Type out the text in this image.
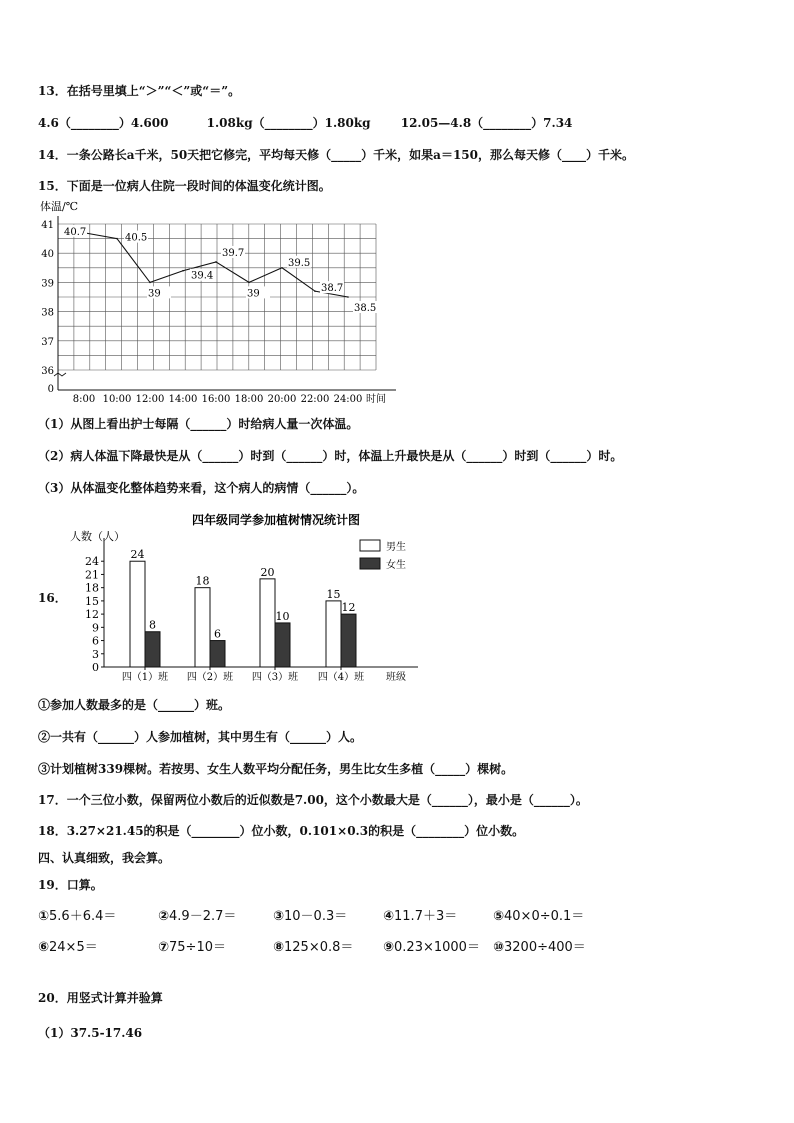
13．在括号里填上“＞”“＜”或“＝”。
4.6（________）4.600	1.08kg（________）1.80kg	12.05—4.8（________）7.34
14．一条公路长a千米，50天把它修完，平均每天修（_____）千米，如果a＝150，那么每天修（____）千米。
15．下面是一位病人住院一段时间的体温变化统计图。
体温/℃
41
40
39
38
37
36
0
8:00 10:00 12:00 14:00 16:00 18:00 20:00 22:00 24:00
40.7
40.5
39
39.4
39.7
39
39.5
38.7
38.5
时间
（1）从图上看出护士每隔（______）时给病人量一次体温。
（2）病人体温下降最快是从（______）时到（______）时，体温上升最快是从（______）时到（______）时。
（3）从体温变化整体趋势来看，这个病人的病情（______）。
16．
四年级同学参加植树情况统计图
人数（人）
0
3
6
9
12
15
18
21
24
四（1）班 四（2）班 四（3）班 四（4）班 班级
24
8
18
6
20
10
15
12
男生
女生
①参加人数最多的是（______）班。
②一共有（______）人参加植树，其中男生有（______）人。
③计划植树339棵树。若按男、女生人数平均分配任务，男生比女生多植（_____）棵树。
17．一个三位小数，保留两位小数后的近似数是7.00，这个小数最大是（______），最小是（______）。
18．3.27×21.45的积是（________）位小数，0.101×0.3的积是（________）位小数。
四、认真细致，我会算。
19．口算。
①5.6＋6.4＝	②4.9－2.7＝	③10－0.3＝	④11.7＋3＝	⑤40×0÷0.1＝
⑥24×5＝	⑦75÷10＝	⑧125×0.8＝ ⑨0.23×1000＝ ⑩3200÷400＝
20．用竖式计算并验算
（1）37.5-17.46
